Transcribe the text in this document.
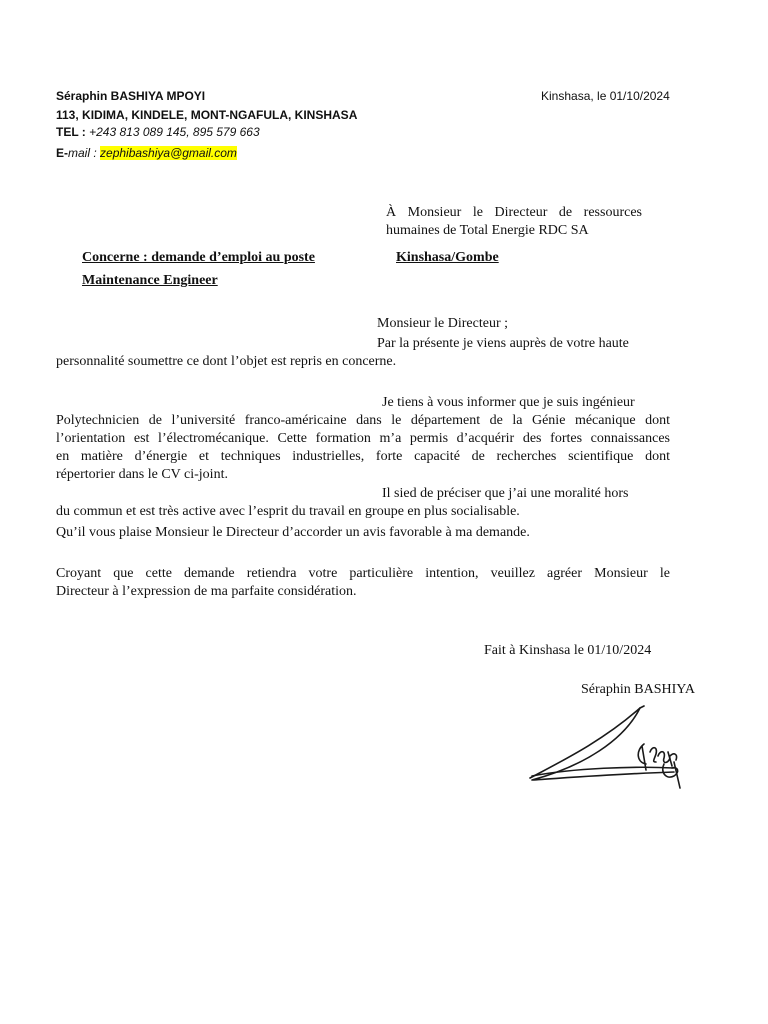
Séraphin BASHIYA MPOYI
113, KIDIMA, KINDELE, MONT-NGAFULA, KINSHASA
TEL : +243 813 089 145, 895 579 663
E-mail : zephibashiya@gmail.com
Kinshasa, le 01/10/2024
À Monsieur le Directeur de ressources
humaines de Total Energie RDC SA
Concerne : demande d’emploi au poste	Kinshasa/Gombe
Maintenance Engineer
Monsieur le Directeur ;
Par la présente je viens auprès de votre haute
personnalité soumettre ce dont l’objet est repris en concerne.
Je tiens à vous informer que je suis ingénieur
Polytechnicien de l’université franco-américaine dans le département de la Génie mécanique dont
l’orientation est l’électromécanique. Cette formation m’a permis d’acquérir des fortes connaissances
en matière d’énergie et techniques industrielles, forte capacité de recherches scientifique dont
répertorier dans le CV ci-joint.
Il sied de préciser que j’ai une moralité hors
du commun et est très active avec l’esprit du travail en groupe en plus socialisable.
Qu’il vous plaise Monsieur le Directeur d’accorder un avis favorable à ma demande.
Croyant que cette demande retiendra votre particulière intention, veuillez agréer Monsieur le
Directeur à l’expression de ma parfaite considération.
Fait à Kinshasa le 01/10/2024
Séraphin BASHIYA
